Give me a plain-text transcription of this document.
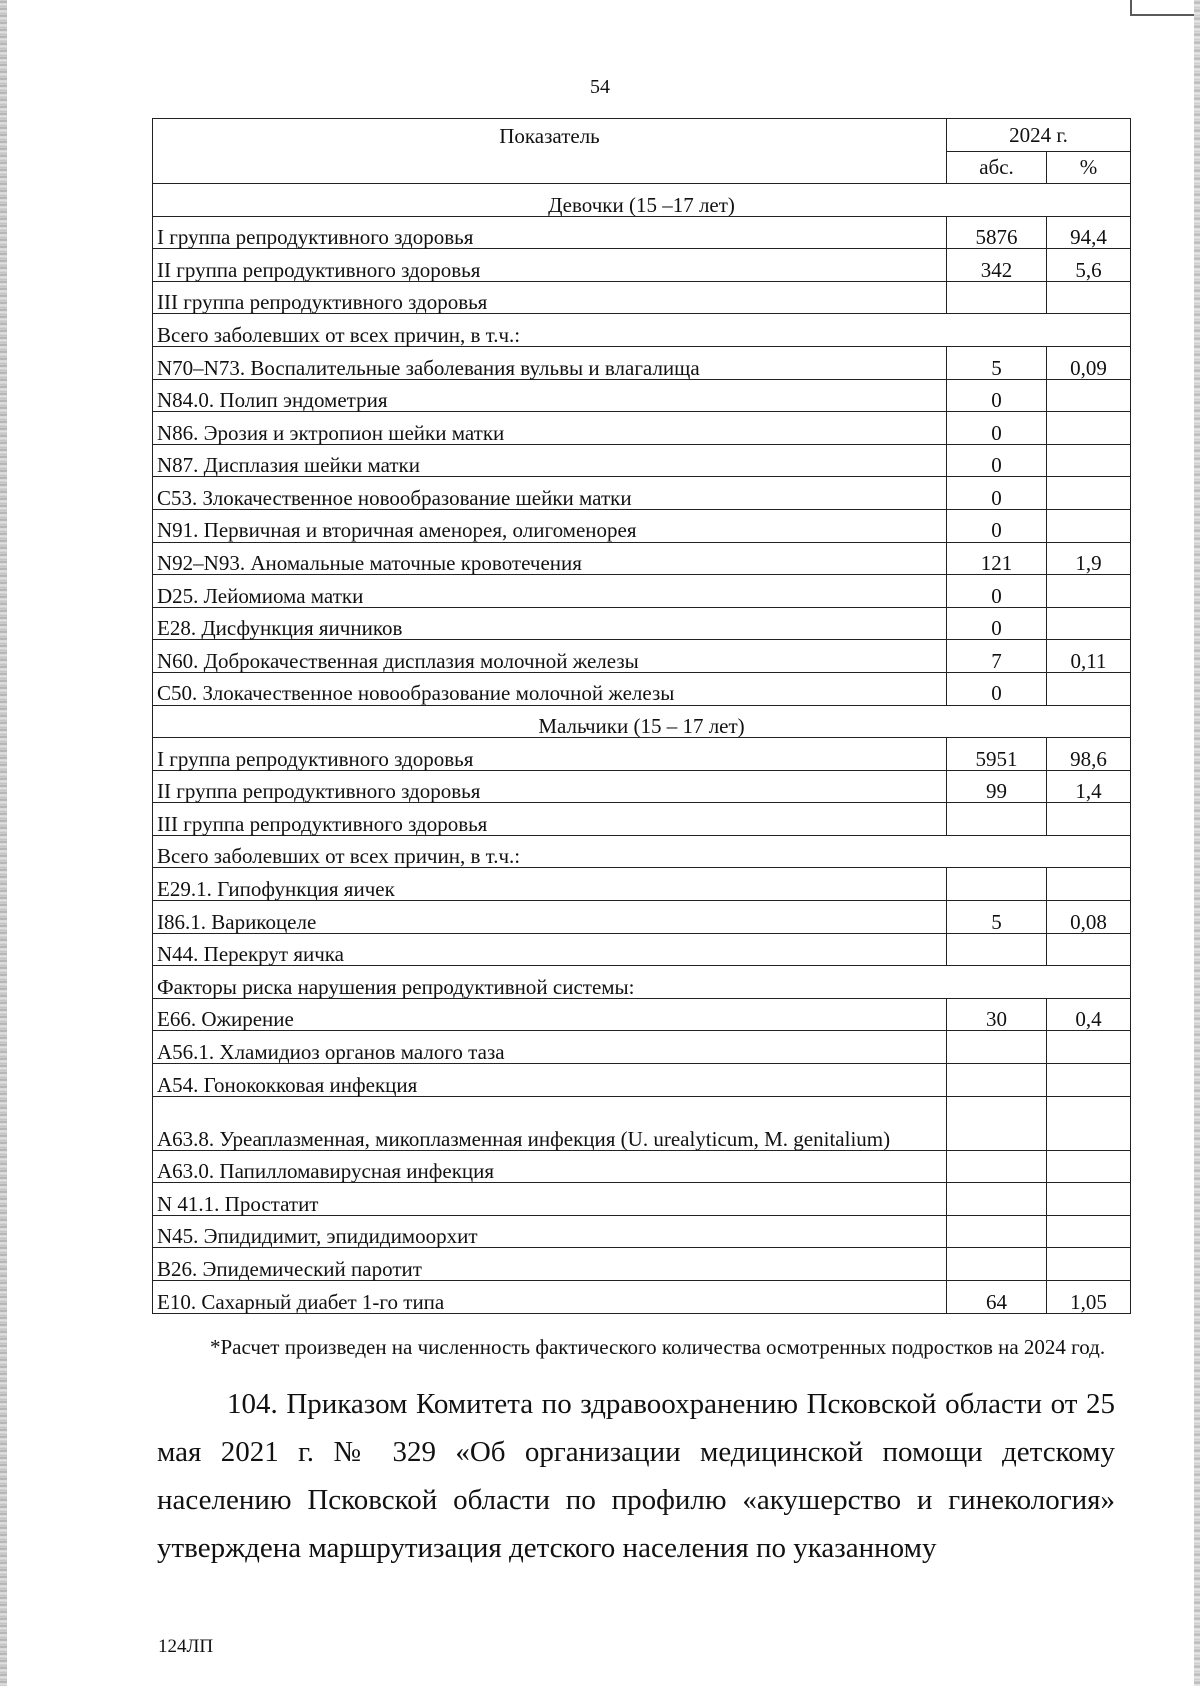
54
Показатель	2024 г.	
	абс.	%
Девочки (15 –17 лет)		
I группа репродуктивного здоровья	5876	94,4
II группа репродуктивного здоровья	342	5,6
III группа репродуктивного здоровья		
Всего заболевших от всех причин, в т.ч.:		
N70–N73. Воспалительные заболевания вульвы и влагалища	5	0,09
N84.0. Полип эндометрия	0	
N86. Эрозия и эктропион шейки матки	0	
N87. Дисплазия шейки матки	0	
C53. Злокачественное новообразование шейки матки	0	
N91. Первичная и вторичная аменорея, олигоменорея	0	
N92–N93. Аномальные маточные кровотечения	121	1,9
D25. Лейомиома матки	0	
E28. Дисфункция яичников	0	
N60. Доброкачественная дисплазия молочной железы	7	0,11
C50. Злокачественное новообразование молочной железы	0	
Мальчики (15 – 17 лет)		
I группа репродуктивного здоровья	5951	98,6
II группа репродуктивного здоровья	99	1,4
III группа репродуктивного здоровья		
Всего заболевших от всех причин, в т.ч.:		
E29.1. Гипофункция яичек		
I86.1. Варикоцеле	5	0,08
N44. Перекрут яичка		
Факторы риска нарушения репродуктивной системы:		
E66. Ожирение	30	0,4
A56.1. Хламидиоз органов малого таза		
A54. Гонококковая инфекция		
A63.8. Уреаплазменная, микоплазменная инфекция (U. urealyticum, M. genitalium)		
A63.0. Папилломавирусная инфекция		
N 41.1. Простатит		
N45. Эпидидимит, эпидидимоорхит		
B26. Эпидемический паротит		
E10. Сахарный диабет 1-го типа	64	1,05
*Расчет произведен на численность фактического количества осмотренных подростков на 2024 год.
104. Приказом Комитета по здравоохранению Псковской области от 25 мая 2021 г. № 329 «Об организации медицинской помощи детскому населению Псковской области по профилю «акушерство и гинекология» утверждена маршрутизация детского населения по указанному
124ЛП
